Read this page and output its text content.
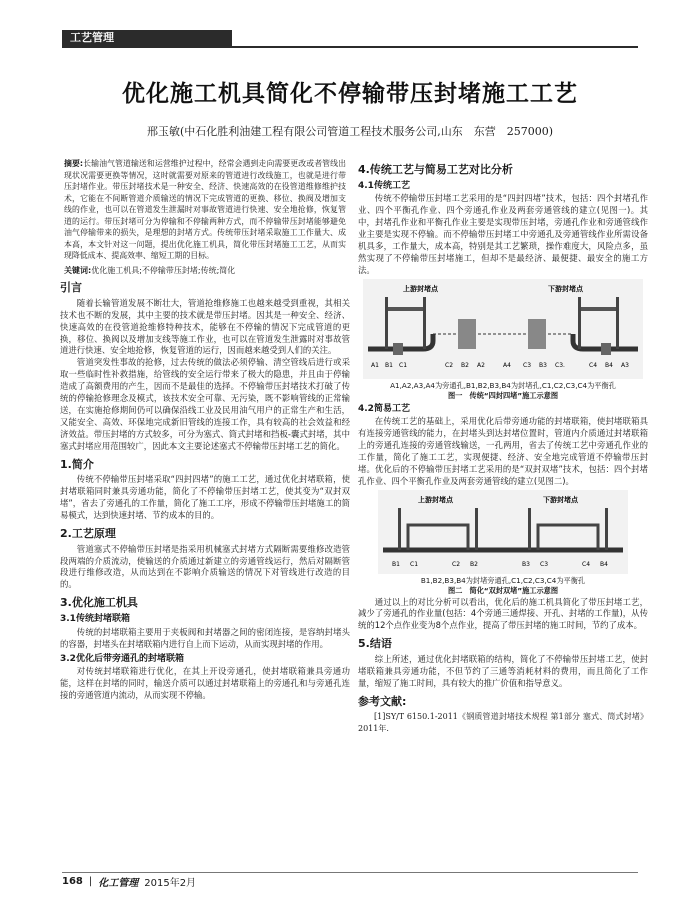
工艺管理
优化施工机具简化不停输带压封堵施工工艺
邢玉敏(中石化胜利油建工程有限公司管道工程技术服务公司,山东　东营　257000)
摘要:长输油气管道输送和运营维护过程中，经常会遇到走向需要更改或者管线出现状况需要更换等情况，这时就需要对原来的管道进行改线施工，也就是进行带压封堵作业。带压封堵技术是一种安全、经济、快速高效的在役管道维修维护技术，它能在不间断管道介质输送的情况下完成管道的更换、移位、换阀及增加支线的作业，也可以在管道发生泄漏时对事故管道进行快速、安全地抢修，恢复管道的运行。带压封堵可分为停输和不停输两种方式，而不停输带压封堵能够避免油气停输带来的损失，是理想的封堵方式。传统带压封堵采取施工工作量大、成本高，本文针对这一问题，提出优化施工机具，简化带压封堵施工工艺，从而实现降低成本、提高效率、缩短工期的目标。
关键词:优化施工机具;不停输带压封堵;传统;简化
引言

随着长输管道发展不断壮大，管道抢维修施工也越来越受到重视，其相关技术也不断的发展，其中主要的技术就是带压封堵。因其是一种安全、经济、快速高效的在役管道抢维修特种技术，能够在不停输的情况下完成管道的更换，移位、换阀以及增加支线等施工作业，也可以在管道发生泄露时对事故管道进行快速、安全地抢修，恢复管道的运行，因而越来越受到人们的关注。

管道突发性事故的抢修，过去传统的做法必须停输、清空管线后进行或采取一些临时性补救措施，给管线的安全运行带来了极大的隐患，并且由于停输造成了高额费用的产生，因而不是最佳的选择。不停输带压封堵技术打破了传统的停输抢修理念及模式，该技术安全可靠、无污染，既不影响管线的正常输送，在实施抢修期间仍可以确保沿线工业及民用油气用户的正常生产和生活，又能安全、高效、环保地完成新旧管线的连接工作，具有较高的社会效益和经济效益。带压封堵的方式较多，可分为塞式、筒式封堵和挡板-囊式封堵，其中塞式封堵应用范围较广，因此本文主要论述塞式不停输带压封堵工艺的简化。

1.简介

传统不停输带压封堵采取“四封四堵”的施工工艺，通过优化封堵联箱，使封堵联箱同时兼具旁通功能，简化了不停输带压封堵工艺，使其变为“双封双堵”，省去了旁通孔的工作量，简化了施工工序，形成不停输带压封堵施工的简易模式，达到快速封堵、节约成本的目的。

2.工艺原理

管道塞式不停输带压封堵是指采用机械塞式封堵方式隔断需要维修改造管段两端的介质流动，使输送的介质通过新建立的旁通管线运行，然后对隔断管段进行维修改造，从而达到在不影响介质输送的情况下对管线进行改造的目的。

3.优化施工机具
3.1传统封堵联箱

传统的封堵联箱主要用于夹板阀和封堵器之间的密闭连接，是容纳封堵头的容器，封堵头在封堵联箱内进行自上而下运动，从而实现封堵的作用。

3.2优化后带旁通孔的封堵联箱

对传统封堵联箱进行优化，在其上开设旁通孔，使封堵联箱兼具旁通功能，这样在封堵的同时，输送介质可以通过封堵联箱上的旁通孔和与旁通孔连接的旁通管道内流动，从而实现不停输。

4.传统工艺与简易工艺对比分析
4.1传统工艺

传统不停输带压封堵工艺采用的是“四封四堵”技术，包括：四个封堵孔作业、四个平衡孔作业、四个旁通孔作业及两套旁通管线的建立(见图一)。其中，封堵孔作业和平衡孔作业主要是实现带压封堵，旁通孔作业和旁通管线作业主要是实现不停输。而不停输带压封堵工中旁通孔及旁通管线作业所需设备机具多，工作量大，成本高，特别是其工艺繁琐，操作难度大，风险点多，虽然实现了不停输带压封堵施工，但却不是最经济、最便捷、最安全的施工方法。

上游封堵点	下游封堵点
A1 B1 C1	C2 B2 A2	A4 C3 B3 C3.	C4 B4 A3
A1,A2,A3,A4为旁通孔,B1,B2,B3,B4为封堵孔,C1,C2,C3,C4为平衡孔
图一　传统“四封四堵”施工示意图
4.2简易工艺

在传统工艺的基础上，采用优化后带旁通功能的封堵联箱，使封堵联箱具有连接旁通管线的能力，在封堵头到达封堵位置时，管道内介质通过封堵联箱上的旁通孔连接的旁通管线输送，一孔两用，省去了传统工艺中旁通孔作业的工作量，简化了施工工艺，实现便捷、经济、安全地完成管道不停输带压封堵。优化后的不停输带压封堵工艺采用的是“双封双堵”技术，包括：四个封堵孔作业、四个平衡孔作业及两套旁通管线的建立(见图二)。

上游封堵点	下游封堵点
B1 C1	C2 B2	B3 C3	C4 B4
B1,B2,B3,B4为封堵旁通孔,C1,C2,C3,C4为平衡孔
图二　简化“双封双堵”施工示意图

通过以上的对比分析可以看出，优化后的施工机具简化了带压封堵工艺，减少了旁通孔的作业量(包括：4个旁通三通焊接、开孔、封堵的工作量)，从传统的12个点作业变为8个点作业，提高了带压封堵的施工时间，节约了成本。

5.结语

综上所述，通过优化封堵联箱的结构，简化了不停输带压封堵工艺，使封堵联箱兼具旁通功能，不但节约了三通等消耗材料的费用，而且简化了工作量，缩短了施工时间，具有较大的推广价值和指导意义。

参考文献:

[1]SY/T 6150.1-2011《钢质管道封堵技术规程 第1部分 塞式、筒式封堵》2011年.

168 | 化工管理 2015年2月
